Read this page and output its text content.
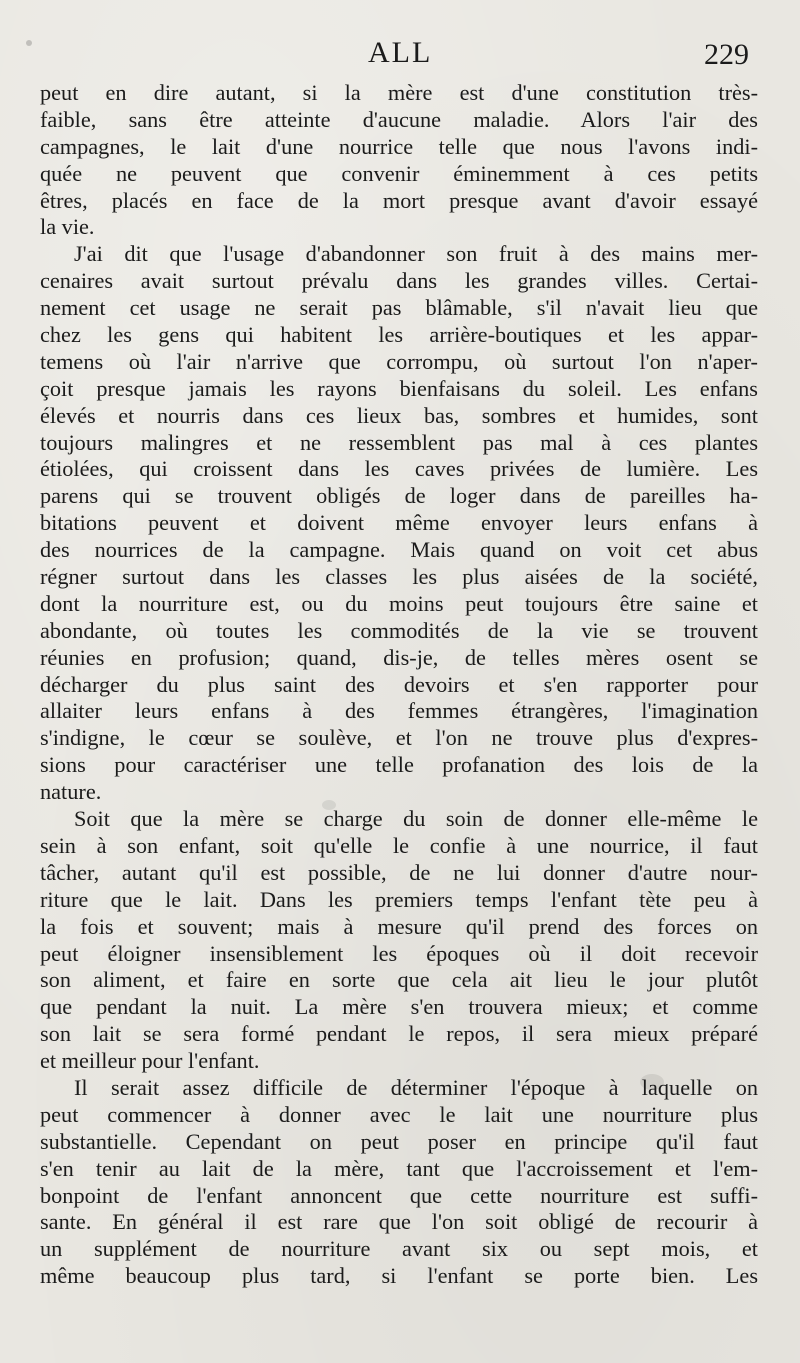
ALL	229
peut en dire autant, si la mère est d'une constitution très-
faible, sans être atteinte d'aucune maladie. Alors l'air des
campagnes, le lait d'une nourrice telle que nous l'avons indi-
quée ne peuvent que convenir éminemment à ces petits
êtres, placés en face de la mort presque avant d'avoir essayé
la vie.
J'ai dit que l'usage d'abandonner son fruit à des mains mer-
cenaires avait surtout prévalu dans les grandes villes. Certai-
nement cet usage ne serait pas blâmable, s'il n'avait lieu que
chez les gens qui habitent les arrière-boutiques et les appar-
temens où l'air n'arrive que corrompu, où surtout l'on n'aper-
çoit presque jamais les rayons bienfaisans du soleil. Les enfans
élevés et nourris dans ces lieux bas, sombres et humides, sont
toujours malingres et ne ressemblent pas mal à ces plantes
étiolées, qui croissent dans les caves privées de lumière. Les
parens qui se trouvent obligés de loger dans de pareilles ha-
bitations peuvent et doivent même envoyer leurs enfans à
des nourrices de la campagne. Mais quand on voit cet abus
régner surtout dans les classes les plus aisées de la société,
dont la nourriture est, ou du moins peut toujours être saine et
abondante, où toutes les commodités de la vie se trouvent
réunies en profusion; quand, dis-je, de telles mères osent se
décharger du plus saint des devoirs et s'en rapporter pour
allaiter leurs enfans à des femmes étrangères, l'imagination
s'indigne, le cœur se soulève, et l'on ne trouve plus d'expres-
sions pour caractériser une telle profanation des lois de la
nature.
Soit que la mère se charge du soin de donner elle-même le
sein à son enfant, soit qu'elle le confie à une nourrice, il faut
tâcher, autant qu'il est possible, de ne lui donner d'autre nour-
riture que le lait. Dans les premiers temps l'enfant tète peu à
la fois et souvent; mais à mesure qu'il prend des forces on
peut éloigner insensiblement les époques où il doit recevoir
son aliment, et faire en sorte que cela ait lieu le jour plutôt
que pendant la nuit. La mère s'en trouvera mieux; et comme
son lait se sera formé pendant le repos, il sera mieux préparé
et meilleur pour l'enfant.
Il serait assez difficile de déterminer l'époque à laquelle on
peut commencer à donner avec le lait une nourriture plus
substantielle. Cependant on peut poser en principe qu'il faut
s'en tenir au lait de la mère, tant que l'accroissement et l'em-
bonpoint de l'enfant annoncent que cette nourriture est suffi-
sante. En général il est rare que l'on soit obligé de recourir à
un supplément de nourriture avant six ou sept mois, et
même beaucoup plus tard, si l'enfant se porte bien. Les
